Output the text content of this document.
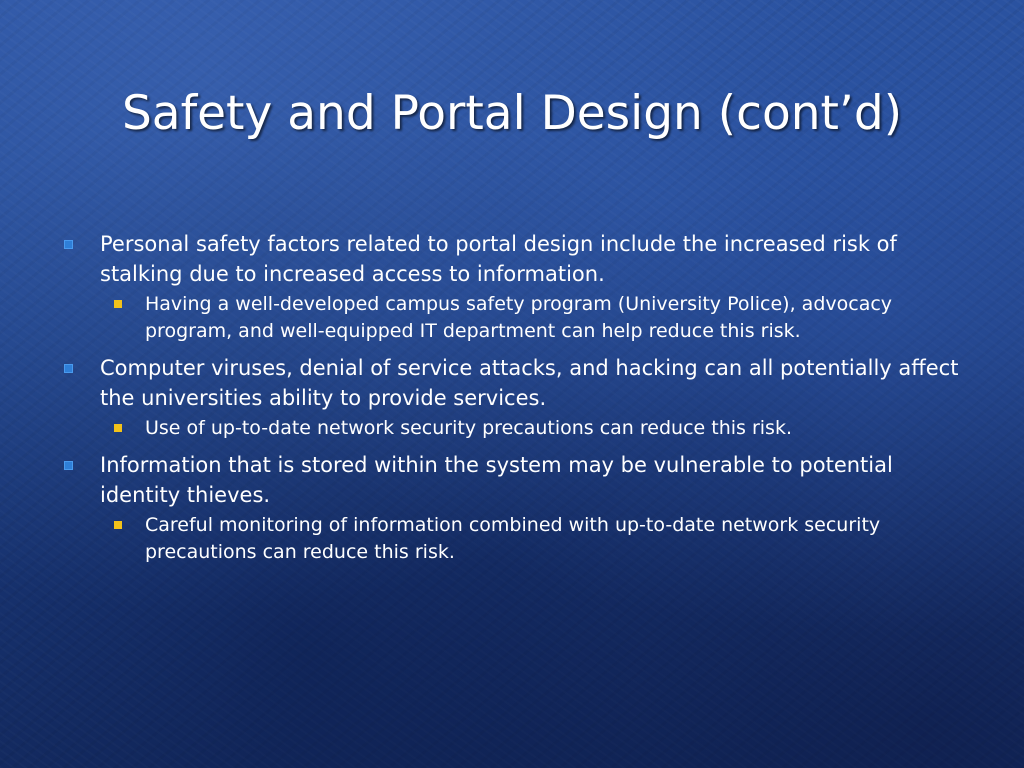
Safety and Portal Design (cont’d)
Personal safety factors related to portal design include the increased risk of stalking due to increased access to information.
Having a well-developed campus safety program (University Police), advocacy program, and well-equipped IT department can help reduce this risk.
Computer viruses, denial of service attacks, and hacking can all potentially affect the universities ability to provide services.
Use of up-to-date network security precautions can reduce this risk.
Information that is stored within the system may be vulnerable to potential identity thieves.
Careful monitoring of information combined with up-to-date network security precautions can reduce this risk.
